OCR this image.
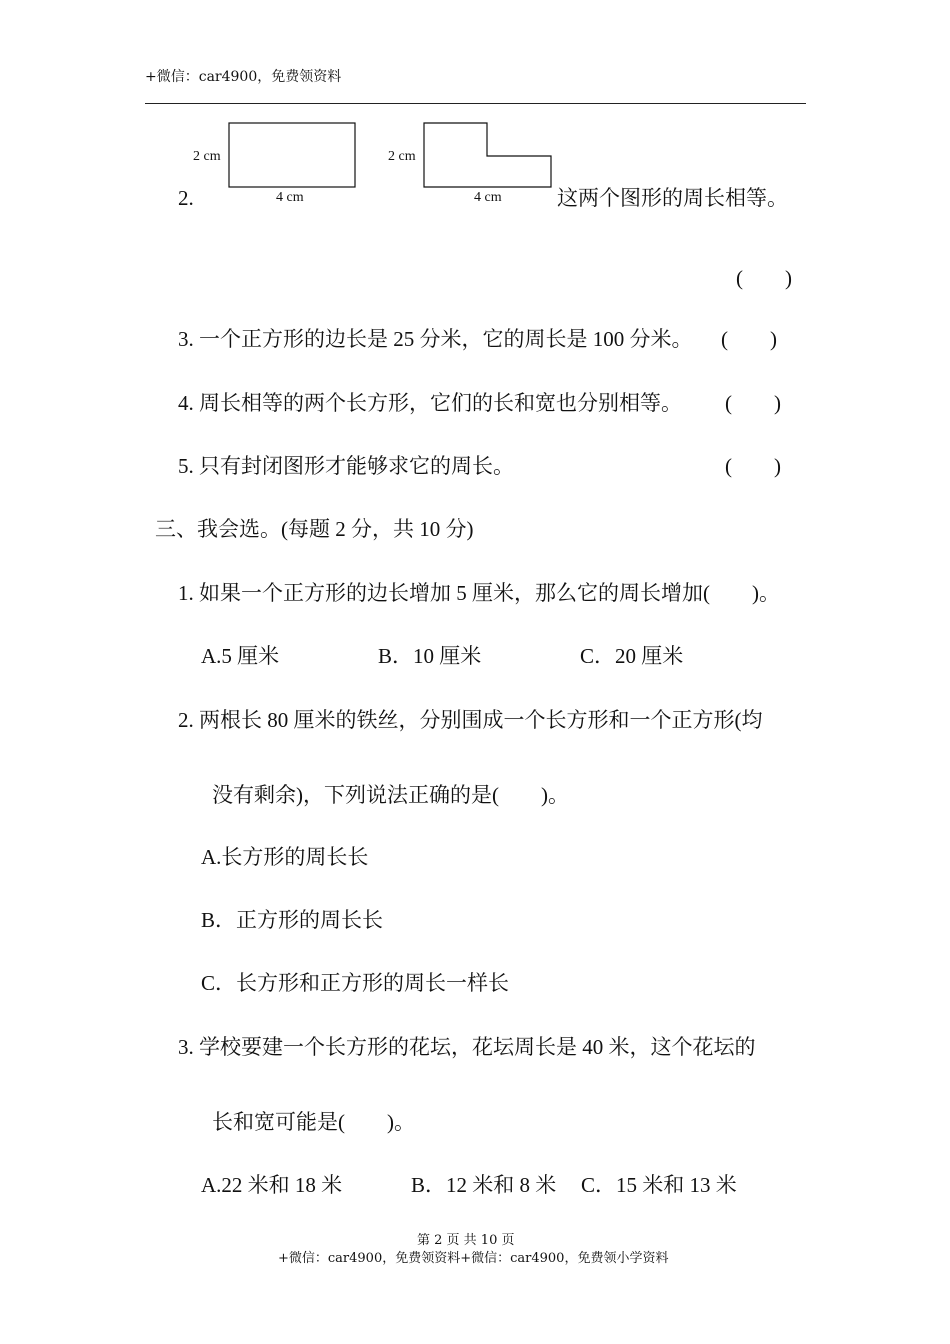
+微信：car4900，免费领资料
2.
2 cm
4 cm
2 cm
4 cm	这两个图形的周长相等。
(　　)
3. 一个正方形的边长是 25 分米，它的周长是 100 分米。 (　　)
4. 周长相等的两个长方形，它们的长和宽也分别相等。 (　　)
5. 只有封闭图形才能够求它的周长。	(　　)
三、我会选。(每题 2 分，共 10 分)
1. 如果一个正方形的边长增加 5 厘米，那么它的周长增加(　　)。
A.5 厘米	B．10 厘米	C．20 厘米
2. 两根长 80 厘米的铁丝，分别围成一个长方形和一个正方形(均
没有剩余)，下列说法正确的是(　　)。
A.长方形的周长长
B．正方形的周长长
C．长方形和正方形的周长一样长
3. 学校要建一个长方形的花坛，花坛周长是 40 米，这个花坛的
长和宽可能是(　　)。
A.22 米和 18 米	B．12 米和 8 米 C．15 米和 13 米
第 2 页 共 10 页
+微信：car4900，免费领资料+微信：car4900，免费领小学资料
